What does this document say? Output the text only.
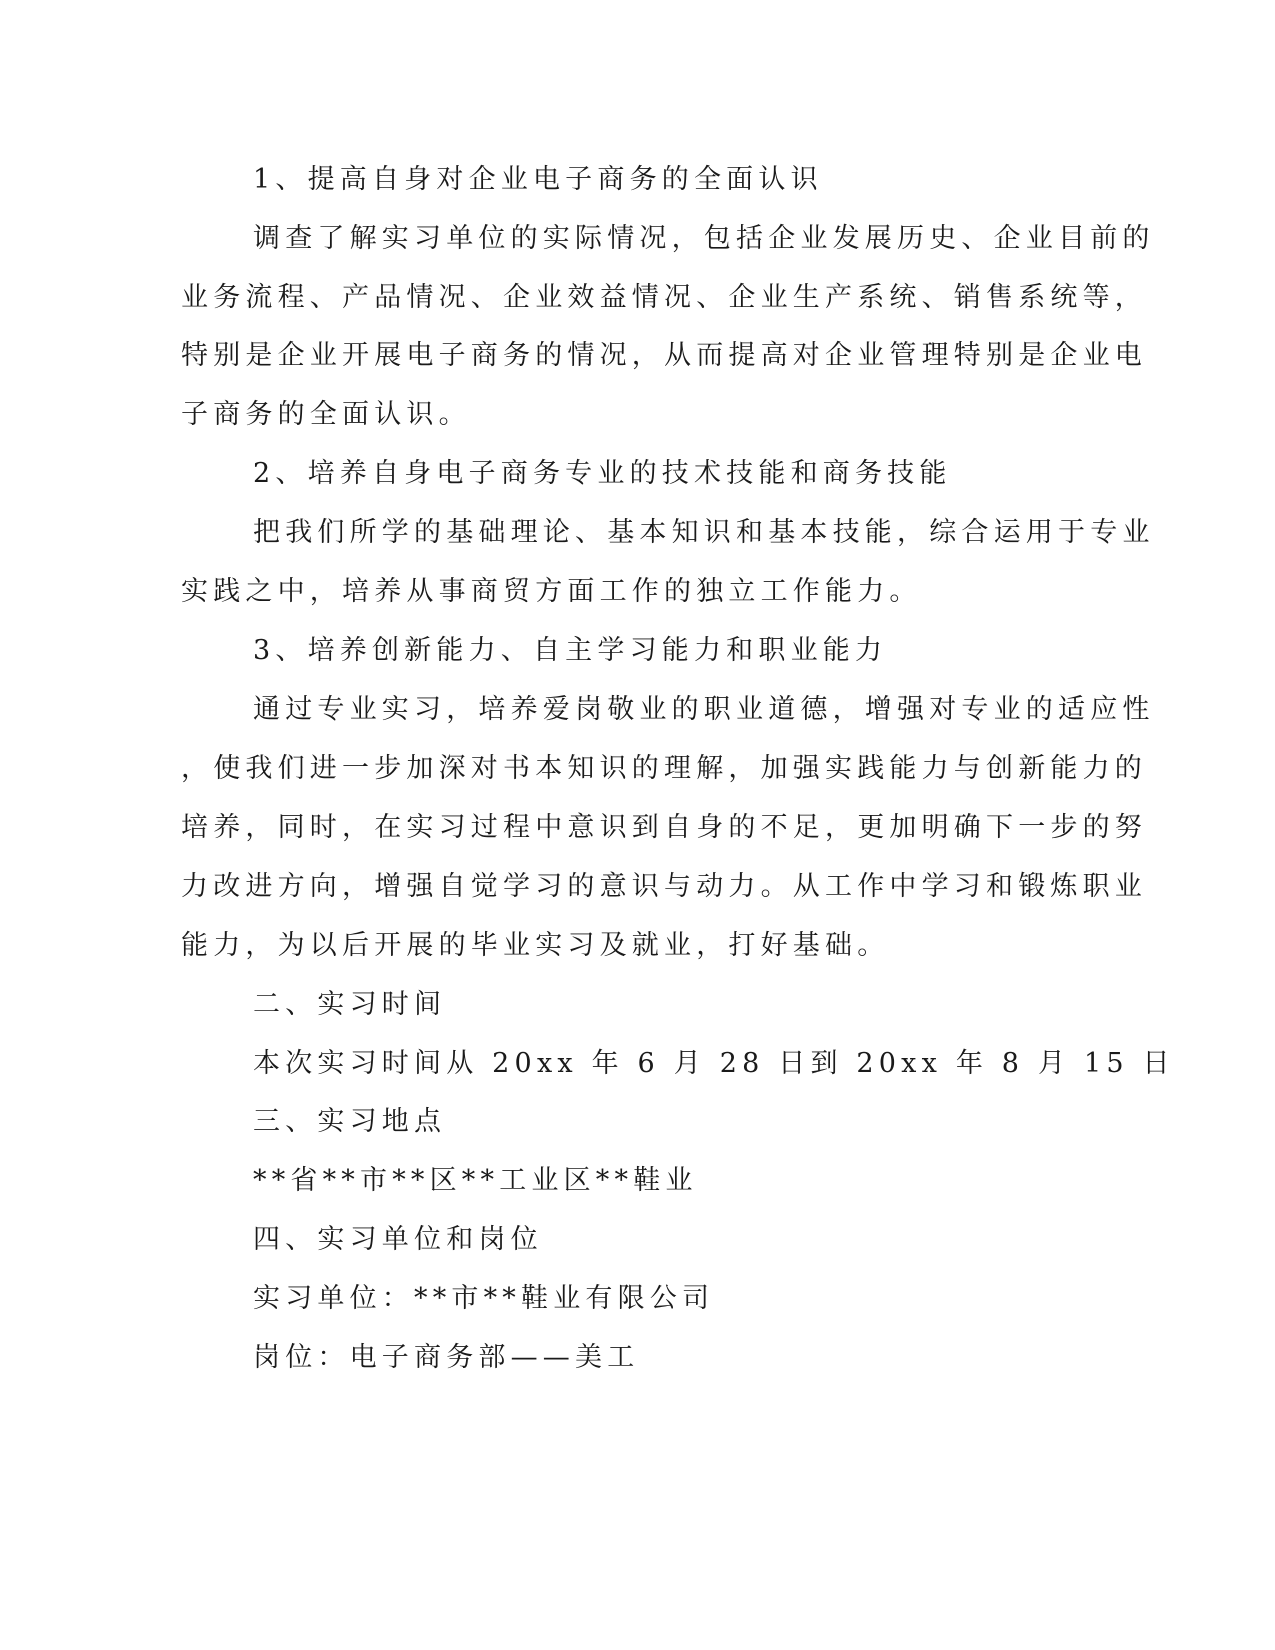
1、提高自身对企业电子商务的全面认识

调查了解实习单位的实际情况，包括企业发展历史、企业目前的

业务流程、产品情况、企业效益情况、企业生产系统、销售系统等，

特别是企业开展电子商务的情况，从而提高对企业管理特别是企业电

子商务的全面认识。

2、培养自身电子商务专业的技术技能和商务技能

把我们所学的基础理论、基本知识和基本技能，综合运用于专业

实践之中，培养从事商贸方面工作的独立工作能力。

3、培养创新能力、自主学习能力和职业能力

通过专业实习，培养爱岗敬业的职业道德，增强对专业的适应性

，使我们进一步加深对书本知识的理解，加强实践能力与创新能力的

培养，同时，在实习过程中意识到自身的不足，更加明确下一步的努

力改进方向，增强自觉学习的意识与动力。从工作中学习和锻炼职业

能力，为以后开展的毕业实习及就业，打好基础。

二、实习时间

本次实习时间从 20xx 年 6 月 28 日到 20xx 年 8 月 15 日

三、实习地点

**省**市**区**工业区**鞋业

四、实习单位和岗位

实习单位：**市**鞋业有限公司

岗位：电子商务部——美工
